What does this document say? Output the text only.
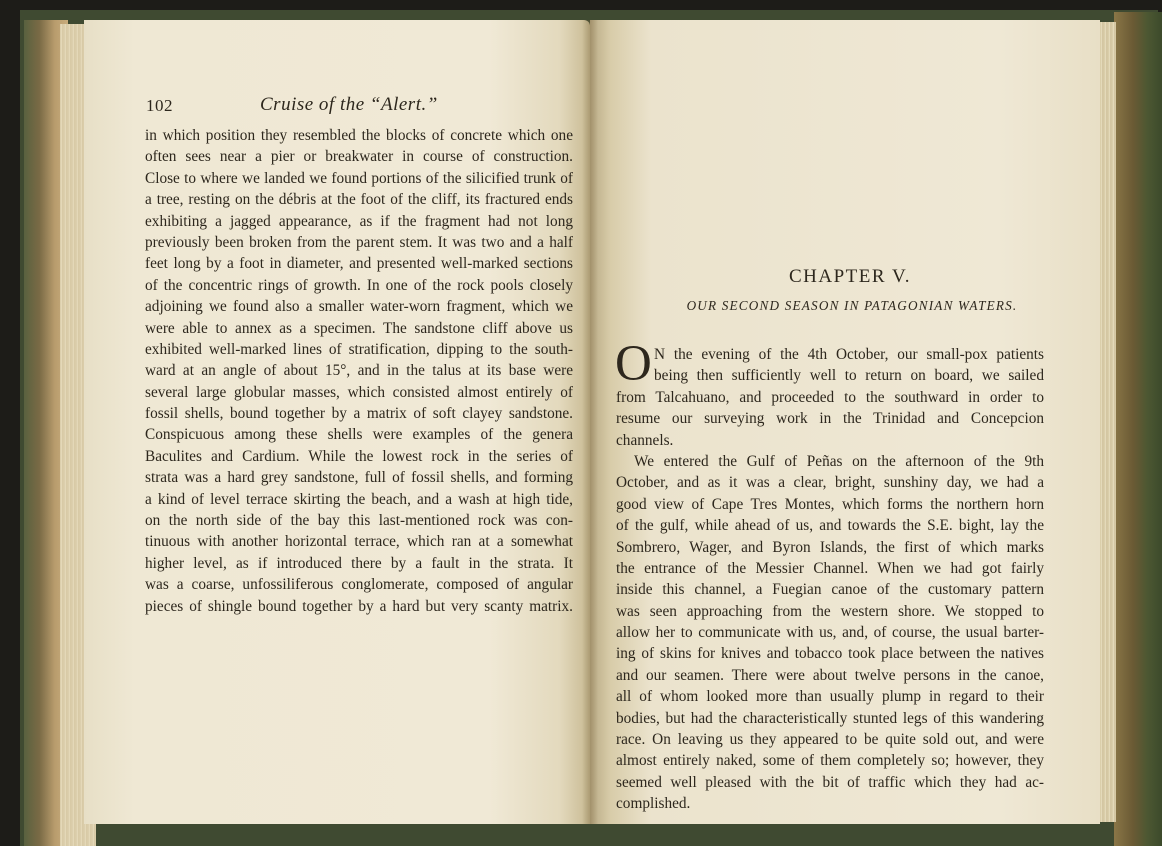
102	Cruise of the “Alert.”
in which position they resembled the blocks of concrete which one
often sees near a pier or breakwater in course of construction.
Close to where we landed we found portions of the silicified trunk of
a tree, resting on the débris at the foot of the cliff, its fractured ends
exhibiting a jagged appearance, as if the fragment had not long
previously been broken from the parent stem. It was two and a half
feet long by a foot in diameter, and presented well-marked sections
of the concentric rings of growth. In one of the rock pools closely
adjoining we found also a smaller water-worn fragment, which we
were able to annex as a specimen. The sandstone cliff above us
exhibited well-marked lines of stratification, dipping to the south-
ward at an angle of about 15°, and in the talus at its base were
several large globular masses, which consisted almost entirely of
fossil shells, bound together by a matrix of soft clayey sandstone.
Conspicuous among these shells were examples of the genera
Baculites and Cardium. While the lowest rock in the series of
strata was a hard grey sandstone, full of fossil shells, and forming
a kind of level terrace skirting the beach, and a wash at high tide,
on the north side of the bay this last-mentioned rock was con-
tinuous with another horizontal terrace, which ran at a somewhat
higher level, as if introduced there by a fault in the strata. It
was a coarse, unfossiliferous conglomerate, composed of angular
pieces of shingle bound together by a hard but very scanty matrix.
CHAPTER V.
OUR SECOND SEASON IN PATAGONIAN WATERS.
O N the evening of the 4th October, our small-pox patients
being then sufficiently well to return on board, we sailed
from Talcahuano, and proceeded to the southward in order to
resume our surveying work in the Trinidad and Concepcion
channels.
We entered the Gulf of Peñas on the afternoon of the 9th
October, and as it was a clear, bright, sunshiny day, we had a
good view of Cape Tres Montes, which forms the northern horn
of the gulf, while ahead of us, and towards the S.E. bight, lay the
Sombrero, Wager, and Byron Islands, the first of which marks
the entrance of the Messier Channel. When we had got fairly
inside this channel, a Fuegian canoe of the customary pattern
was seen approaching from the western shore. We stopped to
allow her to communicate with us, and, of course, the usual barter-
ing of skins for knives and tobacco took place between the natives
and our seamen. There were about twelve persons in the canoe,
all of whom looked more than usually plump in regard to their
bodies, but had the characteristically stunted legs of this wandering
race. On leaving us they appeared to be quite sold out, and were
almost entirely naked, some of them completely so; however, they
seemed well pleased with the bit of traffic which they had ac-
complished.
